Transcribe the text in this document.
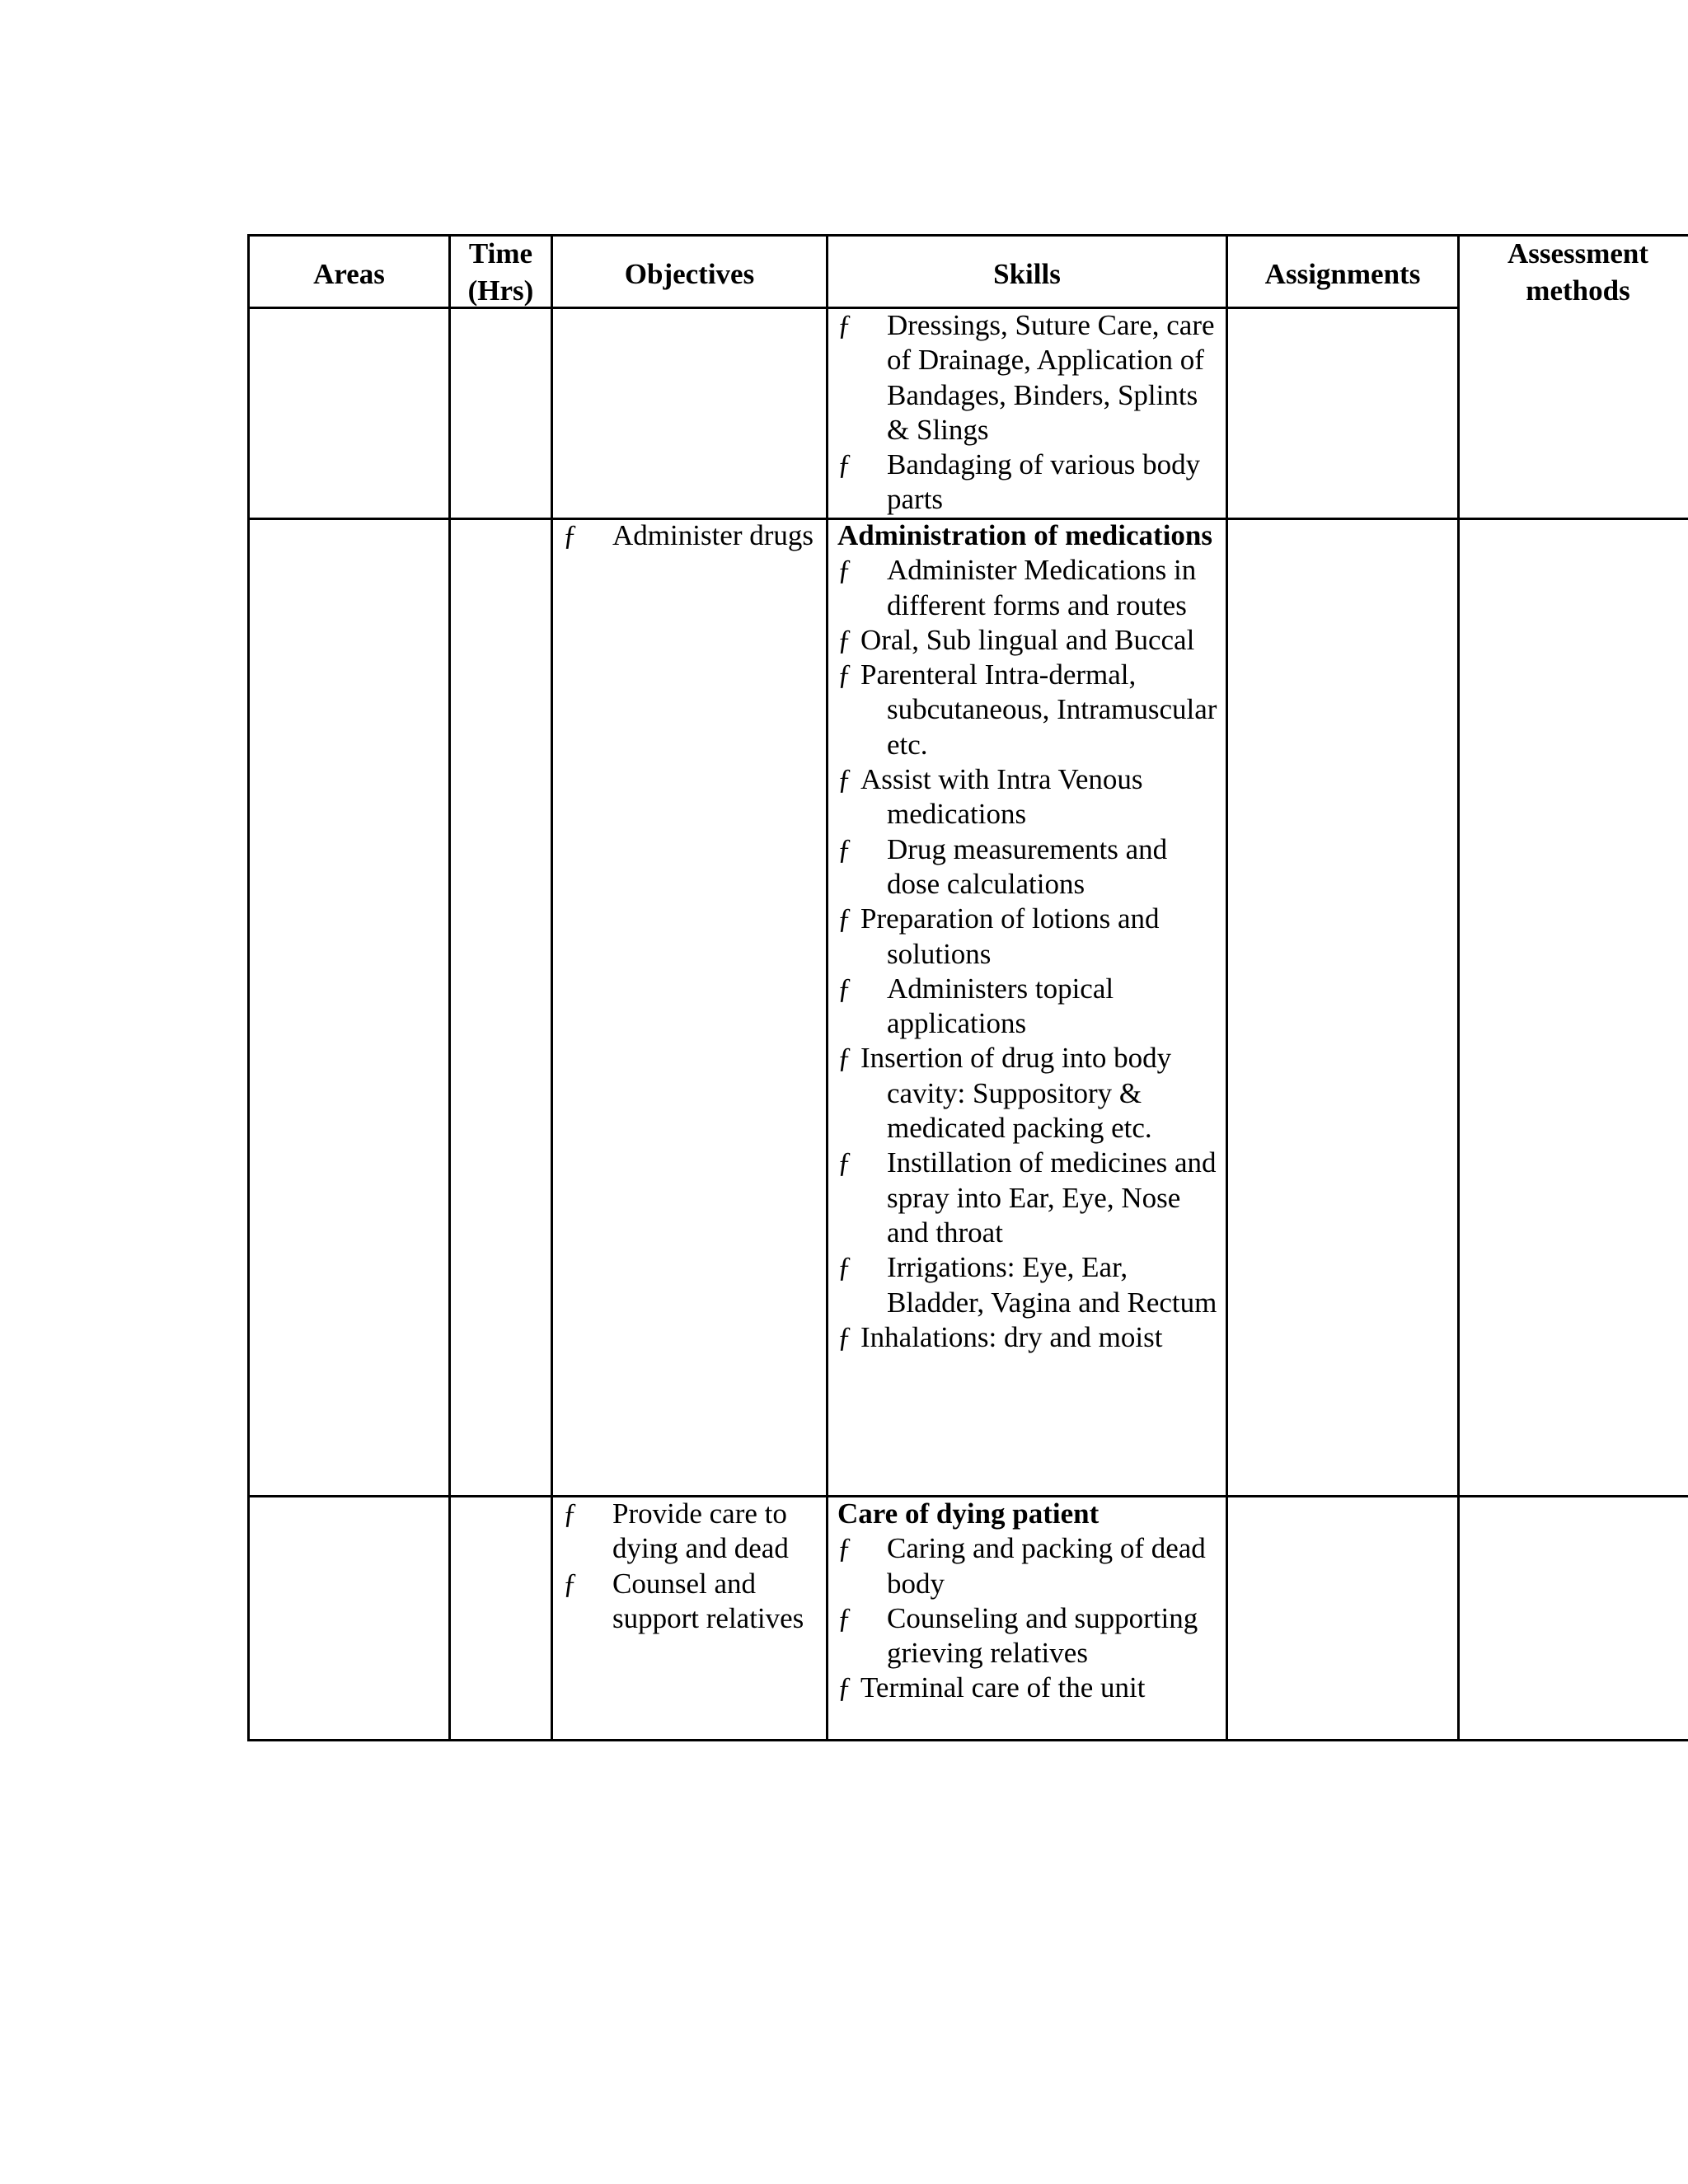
Areas
Time
(Hrs)
Objectives	Skills	Assignments
Assessment
methods
ƒ Dressings, Suture Care, care of Drainage, Application of Bandages, Binders, Splints & Slings
ƒ Bandaging of various body parts
ƒ Administer drugs Administration of medications
ƒ Administer Medications in different forms and routes
ƒ Oral, Sub lingual and Buccal
ƒ Parenteral Intra-dermal, subcutaneous, Intramuscular etc.
ƒ Assist with Intra Venous medications
ƒ Drug measurements and dose calculations
ƒ Preparation of lotions and solutions
ƒ Administers topical applications
ƒ Insertion of drug into body cavity: Suppository & medicated packing etc.
ƒ Instillation of medicines and spray into Ear, Eye, Nose and throat
ƒ Irrigations: Eye, Ear, Bladder, Vagina and Rectum
ƒ Inhalations: dry and moist
ƒ Provide care to dying and dead
ƒ Counsel and support relatives
Care of dying patient
ƒ Caring and packing of dead body
ƒ Counseling and supporting grieving relatives
ƒ Terminal care of the unit
